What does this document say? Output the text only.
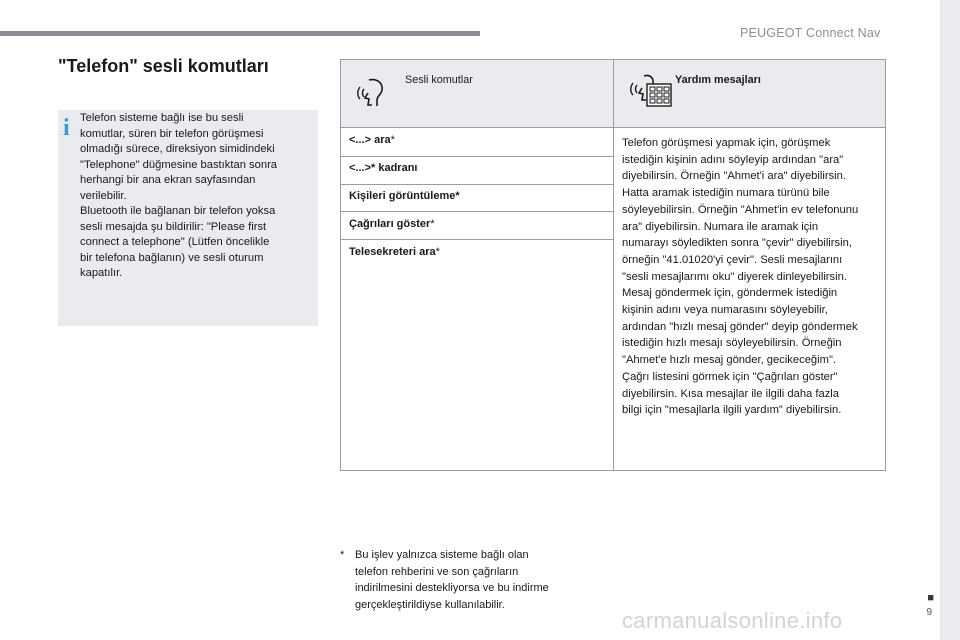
PEUGEOT Connect Nav
■
9
"Telefon" sesli komutları
i Telefon sisteme bağlı ise bu sesli
komutlar, süren bir telefon görüşmesi
olmadığı sürece, direksiyon simidindeki
"Telephone" düğmesine bastıktan sonra
herhangi bir ana ekran sayfasından
verilebilir.
Bluetooth ile bağlanan bir telefon yoksa
sesli mesajda şu bildirilir: "Please first
connect a telephone" (Lütfen öncelikle
bir telefona bağlanın) ve sesli oturum
kapatılır.
Sesli komutlar	Yardım mesajları
<...> ara*
<...>* kadranı
Kişileri görüntüleme*
Çağrıları göster*
Telesekreteri ara*
Telefon görüşmesi yapmak için, görüşmek
istediğin kişinin adını söyleyip ardından "ara"
diyebilirsin. Örneğin "Ahmet'i ara" diyebilirsin.
Hatta aramak istediğin numara türünü bile
söyleyebilirsin. Örneğin "Ahmet'in ev telefonunu
ara" diyebilirsin. Numara ile aramak için
numarayı söyledikten sonra "çevir" diyebilirsin,
örneğin "41.01020'yi çevir". Sesli mesajlarını
"sesli mesajlarımı oku" diyerek dinleyebilirsin.
Mesaj göndermek için, göndermek istediğin
kişinin adını veya numarasını söyleyebilir,
ardından "hızlı mesaj gönder" deyip göndermek
istediğin hızlı mesajı söyleyebilirsin. Örneğin
"Ahmet'e hızlı mesaj gönder, gecikeceğim".
Çağrı listesini görmek için "Çağrıları göster"
diyebilirsin. Kısa mesajlar ile ilgili daha fazla
bilgi için "mesajlarla ilgili yardım" diyebilirsin.
* Bu işlev yalnızca sisteme bağlı olan
telefon rehberini ve son çağrıların
indirilmesini destekliyorsa ve bu indirme
gerçekleştirildiyse kullanılabilir.
carmanualsonline.info
